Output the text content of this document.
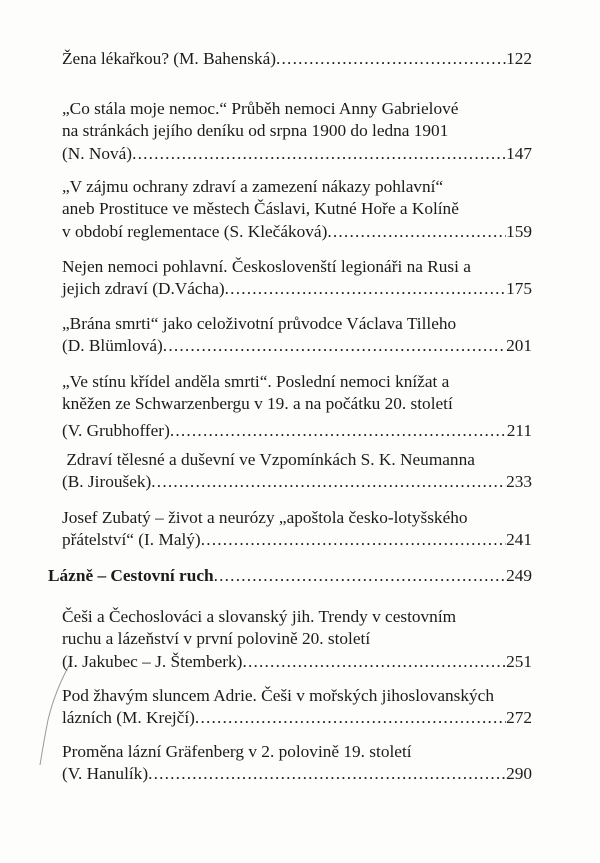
Žena lékařkou? (M. Bahenská) .....	122
„Co stála moje nemoc.“ Průběh nemoci Anny Gabrielové
na stránkách jejího deníku od srpna 1900 do ledna 1901
(N. Nová) .....	147
„V zájmu ochrany zdraví a zamezení nákazy pohlavní“
aneb Prostituce ve městech Čáslavi, Kutné Hoře a Kolíně
v období reglementace (S. Klečáková) .....	159
Nejen nemoci pohlavní. Českoslovenští legionáři na Rusi a
jejich zdraví (D.Vácha) .....	175
„Brána smrti“ jako celoživotní průvodce Václava Tilleho
(D. Blümlová) .....	201
„Ve stínu křídel anděla smrti“. Poslední nemoci knížat a
kněžen ze Schwarzenbergu v 19. a na počátku 20. století
(V. Grubhoffer) .....	211
Zdraví tělesné a duševní ve Vzpomínkách S. K. Neumanna
(B. Jiroušek) .....	233
Josef Zubatý – život a neurózy „apoštola česko-lotyšského
přátelství“ (I. Malý) .....	241
Lázně – Cestovní ruch .....	249
Češi a Čechoslováci a slovanský jih. Trendy v cestovním
ruchu a lázeňství v první polovině 20. století
(I. Jakubec – J. Štemberk) .....	251
Pod žhavým sluncem Adrie. Češi v mořských jihoslovanských
lázních (M. Krejčí) .....	272
Proměna lázní Gräfenberg v 2. polovině 19. století
(V. Hanulík) .....	290
